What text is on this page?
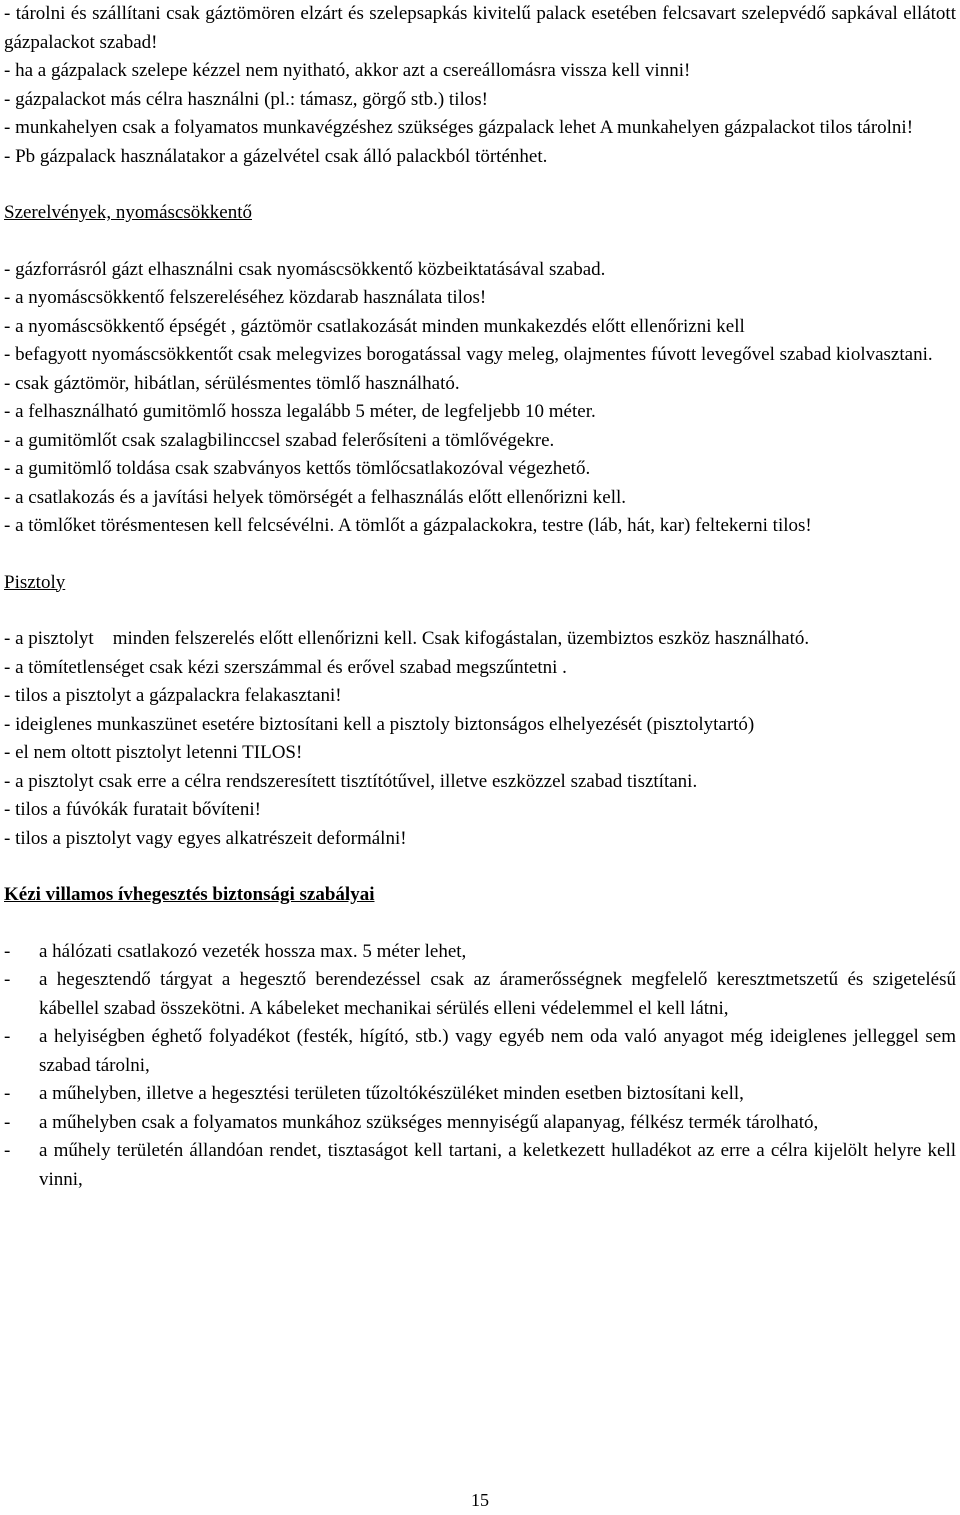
- tárolni és szállítani csak gáztömören elzárt és szelepsapkás kivitelű palack esetében felcsavart szelepvédő sapkával ellátott gázpalackot szabad!

- ha a gázpalack szelepe kézzel nem nyitható, akkor azt a csereállomásra vissza kell vinni!

- gázpalackot más célra használni (pl.: támasz, görgő stb.) tilos!

- munkahelyen csak a folyamatos munkavégzéshez szükséges gázpalack lehet A munkahelyen gázpalackot tilos tárolni!

- Pb gázpalack használatakor a gázelvétel csak álló palackból történhet.

Szerelvények, nyomáscsökkentő

- gázforrásról gázt elhasználni csak nyomáscsökkentő közbeiktatásával szabad.

- a nyomáscsökkentő felszereléséhez közdarab használata tilos!

- a nyomáscsökkentő épségét , gáztömör csatlakozását minden munkakezdés előtt ellenőrizni kell

- befagyott nyomáscsökkentőt csak melegvizes borogatással vagy meleg, olajmentes fúvott levegővel szabad kiolvasztani.

- csak gáztömör, hibátlan, sérülésmentes tömlő használható.

- a felhasználható gumitömlő hossza legalább 5 méter, de legfeljebb 10 méter.

- a gumitömlőt csak szalagbilinccsel szabad felerősíteni a tömlővégekre.

- a gumitömlő toldása csak szabványos kettős tömlőcsatlakozóval végezhető.

- a csatlakozás és a javítási helyek tömörségét a felhasználás előtt ellenőrizni kell.

- a tömlőket törésmentesen kell felcsévélni. A tömlőt a gázpalackokra, testre (láb, hát, kar) feltekerni tilos!

Pisztoly

- a pisztolyt    minden felszerelés előtt ellenőrizni kell. Csak kifogástalan, üzembiztos eszköz használható.

- a tömítetlenséget csak kézi szerszámmal és erővel szabad megszűntetni .

- tilos a pisztolyt a gázpalackra felakasztani!

- ideiglenes munkaszünet esetére biztosítani kell a pisztoly biztonságos elhelyezését (pisztolytartó)

- el nem oltott pisztolyt letenni TILOS!

- a pisztolyt csak erre a célra rendszeresített tisztítótűvel, illetve eszközzel szabad tisztítani.

- tilos a fúvókák furatait bővíteni!

- tilos a pisztolyt vagy egyes alkatrészeit deformálni!

Kézi villamos ívhegesztés biztonsági szabályai

-	a hálózati csatlakozó vezeték hossza max. 5 méter lehet,
-	a hegesztendő tárgyat a hegesztő berendezéssel csak az áramerősségnek megfelelő keresztmetszetű és szigetelésű kábellel szabad összekötni. A kábeleket mechanikai sérülés elleni védelemmel el kell látni,
-	a helyiségben éghető folyadékot (festék, hígító, stb.) vagy egyéb nem oda való anyagot még ideiglenes jelleggel sem szabad tárolni,
-	a műhelyben, illetve a hegesztési területen tűzoltókészüléket minden esetben biztosítani kell,
-	a műhelyben csak a folyamatos munkához szükséges mennyiségű alapanyag, félkész termék tárolható,
-	a műhely területén állandóan rendet, tisztaságot kell tartani, a keletkezett hulladékot az erre a célra kijelölt helyre kell vinni,
15
